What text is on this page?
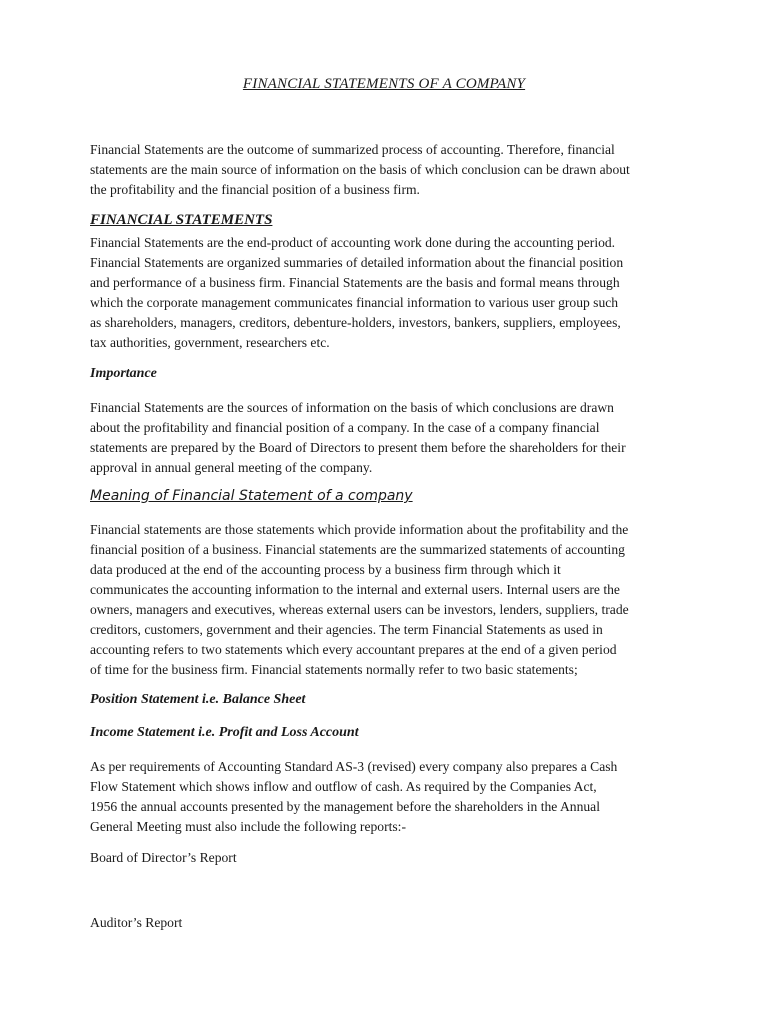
FINANCIAL STATEMENTS OF A COMPANY

Financial Statements are the outcome of summarized process of accounting. Therefore, financial
statements are the main source of information on the basis of which conclusion can be drawn about
the profitability and the financial position of a business firm.

FINANCIAL STATEMENTS

Financial Statements are the end-product of accounting work done during the accounting period.
Financial Statements are organized summaries of detailed information about the financial position
and performance of a business firm. Financial Statements are the basis and formal means through
which the corporate management communicates financial information to various user group such
as shareholders, managers, creditors, debenture-holders, investors, bankers, suppliers, employees,
tax authorities, government, researchers etc.

Importance

Financial Statements are the sources of information on the basis of which conclusions are drawn
about the profitability and financial position of a company. In the case of a company financial
statements are prepared by the Board of Directors to present them before the shareholders for their
approval in annual general meeting of the company.

Meaning of Financial Statement of a company

Financial statements are those statements which provide information about the profitability and the
financial position of a business. Financial statements are the summarized statements of accounting
data produced at the end of the accounting process by a business firm through which it
communicates the accounting information to the internal and external users. Internal users are the
owners, managers and executives, whereas external users can be investors, lenders, suppliers, trade
creditors, customers, government and their agencies. The term Financial Statements as used in
accounting refers to two statements which every accountant prepares at the end of a given period
of time for the business firm. Financial statements normally refer to two basic statements;

Position Statement i.e. Balance Sheet

Income Statement i.e. Profit and Loss Account

As per requirements of Accounting Standard AS-3 (revised) every company also prepares a Cash
Flow Statement which shows inflow and outflow of cash. As required by the Companies Act,
1956 the annual accounts presented by the management before the shareholders in the Annual
General Meeting must also include the following reports:-

Board of Director’s Report

Auditor’s Report
